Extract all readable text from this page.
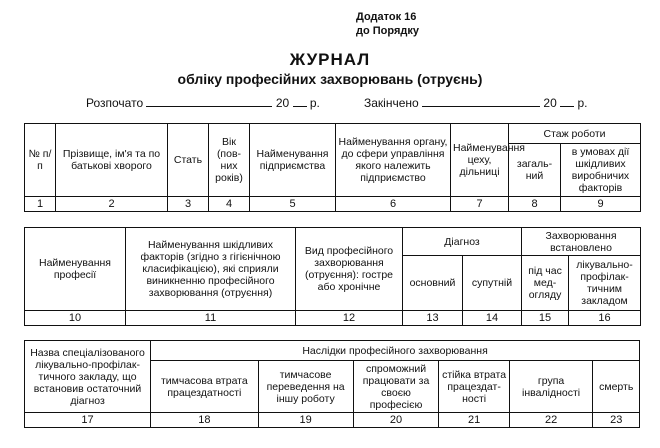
Додаток 16
до Порядку
ЖУРНАЛ
обліку професійних захворювань (отруєнь)
Розпочато	20 р.	Закінчено	20 р.
№ п/п	Прізвище, ім'я та по батькові хворого	Стать	Вік (пов-них років)	Найменування підприємства	Найменування органу, до сфери управління якого належить підприємство	Найменування цеху, дільниці	Стаж роботи	
							загаль-ний	в умовах дії шкідливих виробничих факторів
1	2	3	4	5	6	7	8	9
Найменування професії	Найменування шкідливих факторів (згідно з гігієнічною класифікацією), які сприяли виникненню професійного захворювання (отруєння)	Вид професійного захворювання (отруєння): гостре або хронічне	Діагноз		Захворювання встановлено	
			основний	супутній	під час мед-огляду	лікувально-профілак-тичним закладом
10	11	12	13	14	15	16
Назва спеціалізованого лікувально-профілак-тичного закладу, що встановив остаточний діагноз	Наслідки професійного захворювання					
	тимчасова втрата працездатності	тимчасове переведення на іншу роботу	спроможний працювати за своєю професією	стійка втрата працездат-ності	група інвалідності	смерть
17	18	19	20	21	22	23
